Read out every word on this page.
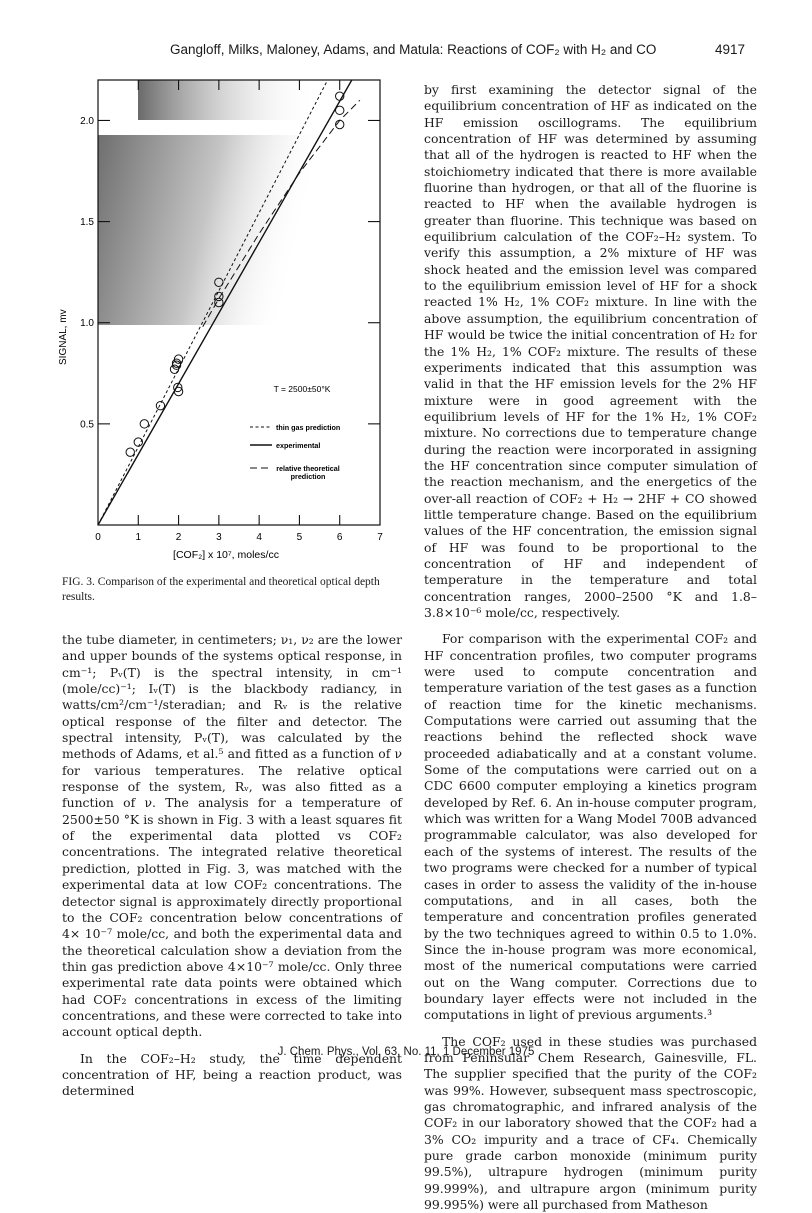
Gangloff, Milks, Maloney, Adams, and Matula: Reactions of COF₂ with H₂ and CO	4917
0	1	2	3	4	5	6	7
0.5
1.0
1.5
2.0
T = 2500±50°K
thin gas prediction
experimental
relative theoretical
prediction
SIGNAL, mv
[COF₂] x 10⁷, moles/cc
FIG. 3. Comparison of the experimental and theoretical optical depth results.

the tube diameter, in centimeters; ν₁, ν₂ are the lower and upper bounds of the systems optical response, in cm⁻¹; Pᵥ(T) is the spectral intensity, in cm⁻¹ (mole/cc)⁻¹; Iᵥ(T) is the blackbody radiancy, in watts/cm²/cm⁻¹/steradian; and Rᵥ is the relative optical response of the filter and detector. The spectral intensity, Pᵥ(T), was calculated by the methods of Adams, et al.⁵ and fitted as a function of ν for various temperatures. The relative optical response of the system, Rᵥ, was also fitted as a function of ν. The analysis for a temperature of 2500±50 °K is shown in Fig. 3 with a least squares fit of the experimental data plotted vs COF₂ concentrations. The integrated relative theoretical prediction, plotted in Fig. 3, was matched with the experimental data at low COF₂ concentrations. The detector signal is approximately directly proportional to the COF₂ concentration below concentrations of 4× 10⁻⁷ mole/cc, and both the experimental data and the theoretical calculation show a deviation from the thin gas prediction above 4×10⁻⁷ mole/cc. Only three experimental rate data points were obtained which had COF₂ concentrations in excess of the limiting concentrations, and these were corrected to take into account optical depth.

In the COF₂–H₂ study, the time dependent concentration of HF, being a reaction product, was determined

by first examining the detector signal of the equilibrium concentration of HF as indicated on the HF emission oscillograms. The equilibrium concentration of HF was determined by assuming that all of the hydrogen is reacted to HF when the stoichiometry indicated that there is more available fluorine than hydrogen, or that all of the fluorine is reacted to HF when the available hydrogen is greater than fluorine. This technique was based on equilibrium calculation of the COF₂–H₂ system. To verify this assumption, a 2% mixture of HF was shock heated and the emission level was compared to the equilibrium emission level of HF for a shock reacted 1% H₂, 1% COF₂ mixture. In line with the above assumption, the equilibrium concentration of HF would be twice the initial concentration of H₂ for the 1% H₂, 1% COF₂ mixture. The results of these experiments indicated that this assumption was valid in that the HF emission levels for the 2% HF mixture were in good agreement with the equilibrium levels of HF for the 1% H₂, 1% COF₂ mixture. No corrections due to temperature change during the reaction were incorporated in assigning the HF concentration since computer simulation of the reaction mechanism, and the energetics of the over-all reaction of COF₂ + H₂ → 2HF + CO showed little temperature change. Based on the equilibrium values of the HF concentration, the emission signal of HF was found to be proportional to the concentration of HF and independent of temperature in the temperature and total concentration ranges, 2000–2500 °K and 1.8–3.8×10⁻⁶ mole/cc, respectively.

For comparison with the experimental COF₂ and HF concentration profiles, two computer programs were used to compute concentration and temperature variation of the test gases as a function of reaction time for the kinetic mechanisms. Computations were carried out assuming that the reactions behind the reflected shock wave proceeded adiabatically and at a constant volume. Some of the computations were carried out on a CDC 6600 computer employing a kinetics program developed by Ref. 6. An in-house computer program, which was written for a Wang Model 700B advanced programmable calculator, was also developed for each of the systems of interest. The results of the two programs were checked for a number of typical cases in order to assess the validity of the in-house computations, and in all cases, both the temperature and concentration profiles generated by the two techniques agreed to within 0.5 to 1.0%. Since the in-house program was more economical, most of the numerical computations were carried out on the Wang computer. Corrections due to boundary layer effects were not included in the computations in light of previous arguments.³

The COF₂ used in these studies was purchased from Peninsular Chem Research, Gainesville, FL. The supplier specified that the purity of the COF₂ was 99%. However, subsequent mass spectroscopic, gas chromatographic, and infrared analysis of the COF₂ in our laboratory showed that the COF₂ had a 3% CO₂ impurity and a trace of CF₄. Chemically pure grade carbon monoxide (minimum purity 99.5%), ultrapure hydrogen (minimum purity 99.999%), and ultrapure argon (minimum purity 99.995%) were all purchased from Matheson

J. Chem. Phys., Vol. 63, No. 11, 1 December 1975
